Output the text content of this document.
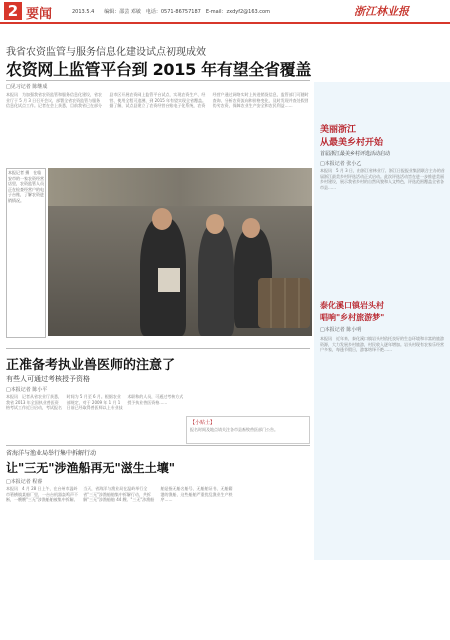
2 要闻	2013.5.4　　编辑：邵芸 邓敏　电话：0571-86757187　E-mail：zxdyf2@163.com	浙江林业报
我省农资监管与服务信息化建设试点初现成效
农资网上监管平台到 2015 年有望全省覆盖
□见习记者 陈继成
本报讯　为加强我省农资监管和服务信息化建设，省农业厅于 5 月 3 日召开会议，部署全省农资监管与服务信息化试点工作。记者在会上获悉，目前我省已在部分县市区开展农资网上监管平台试点，实现农资生产、经营、使用全程可追溯，到 2015 年有望实现全省覆盖。据了解，试点县建立了农资经营台账电子化系统，农资经营户通过网络实时上传进销货信息，监管部门可随时查询、分析农资流向和价格变化，及时发现并查处假冒伪劣农资，保障农业生产安全和农民利益……
本报记者 摄　在临安市的一家农资经营店里，农资监管人员正在检查经营户的电子台账，了解农资进销情况。
美丽浙江
从最美乡村开始
首届浙江最美乡村评选活动启动
□本报记者 张小乙
本报讯　5 月 3 日，由浙江省林业厅、浙江日报报业集团联合主办的首届浙江最美乡村评选活动正式启动。此次评选活动旨在进一步推进美丽乡村建设，展示我省乡村的自然风貌和人文特色，评选范围覆盖全省各市县……
泰化溪口镇岩头村
唱响"乡村旅游梦"
□本报记者 陈小明
本报讯　近年来，泰化溪口镇岩头村依托良好的生态环境和丰富的旅游资源，大力发展乡村旅游，村民收入逐年增加。岩头村现有农家乐经营户多家，每逢节假日，游客络绎不绝……
正准备考执业兽医师的注意了
有些人可通过考核授予资格
□本报记者 陈小平
本报讯　记者从省农业厅获悉，我省 2013 年全国执业兽医资格考试工作近日启动，考试报名时间为 5 月至 6 月。根据农业部规定，对于 2009 年 1 月 1 日前已经取得兽医师以上专业技术职称的人员，可通过考核方式授予执业兽医资格……
【小贴士】
报名时间及地点请关注各市县畜牧兽医部门公告。
省海洋与渔业局举行集中拆解行动
让"三无"涉渔船再无"滋生土壤"
□本报记者 程睿
本报讯　4 月 28 日上午，在台州市温岭市箬横镇某船厂里，一台台机器轰鸣声不断，一艘艘"三无"涉渔船舶被集中拆解。当天，省海洋与渔业局在温岭举行全省"三无"涉渔船舶集中拆解行动，共拆解"三无"涉渔船舶 44 艘。"三无"涉渔船舶是指无船名船号、无船舶证书、无船籍港的渔船，这些船舶严重扰乱渔业生产秩序……
